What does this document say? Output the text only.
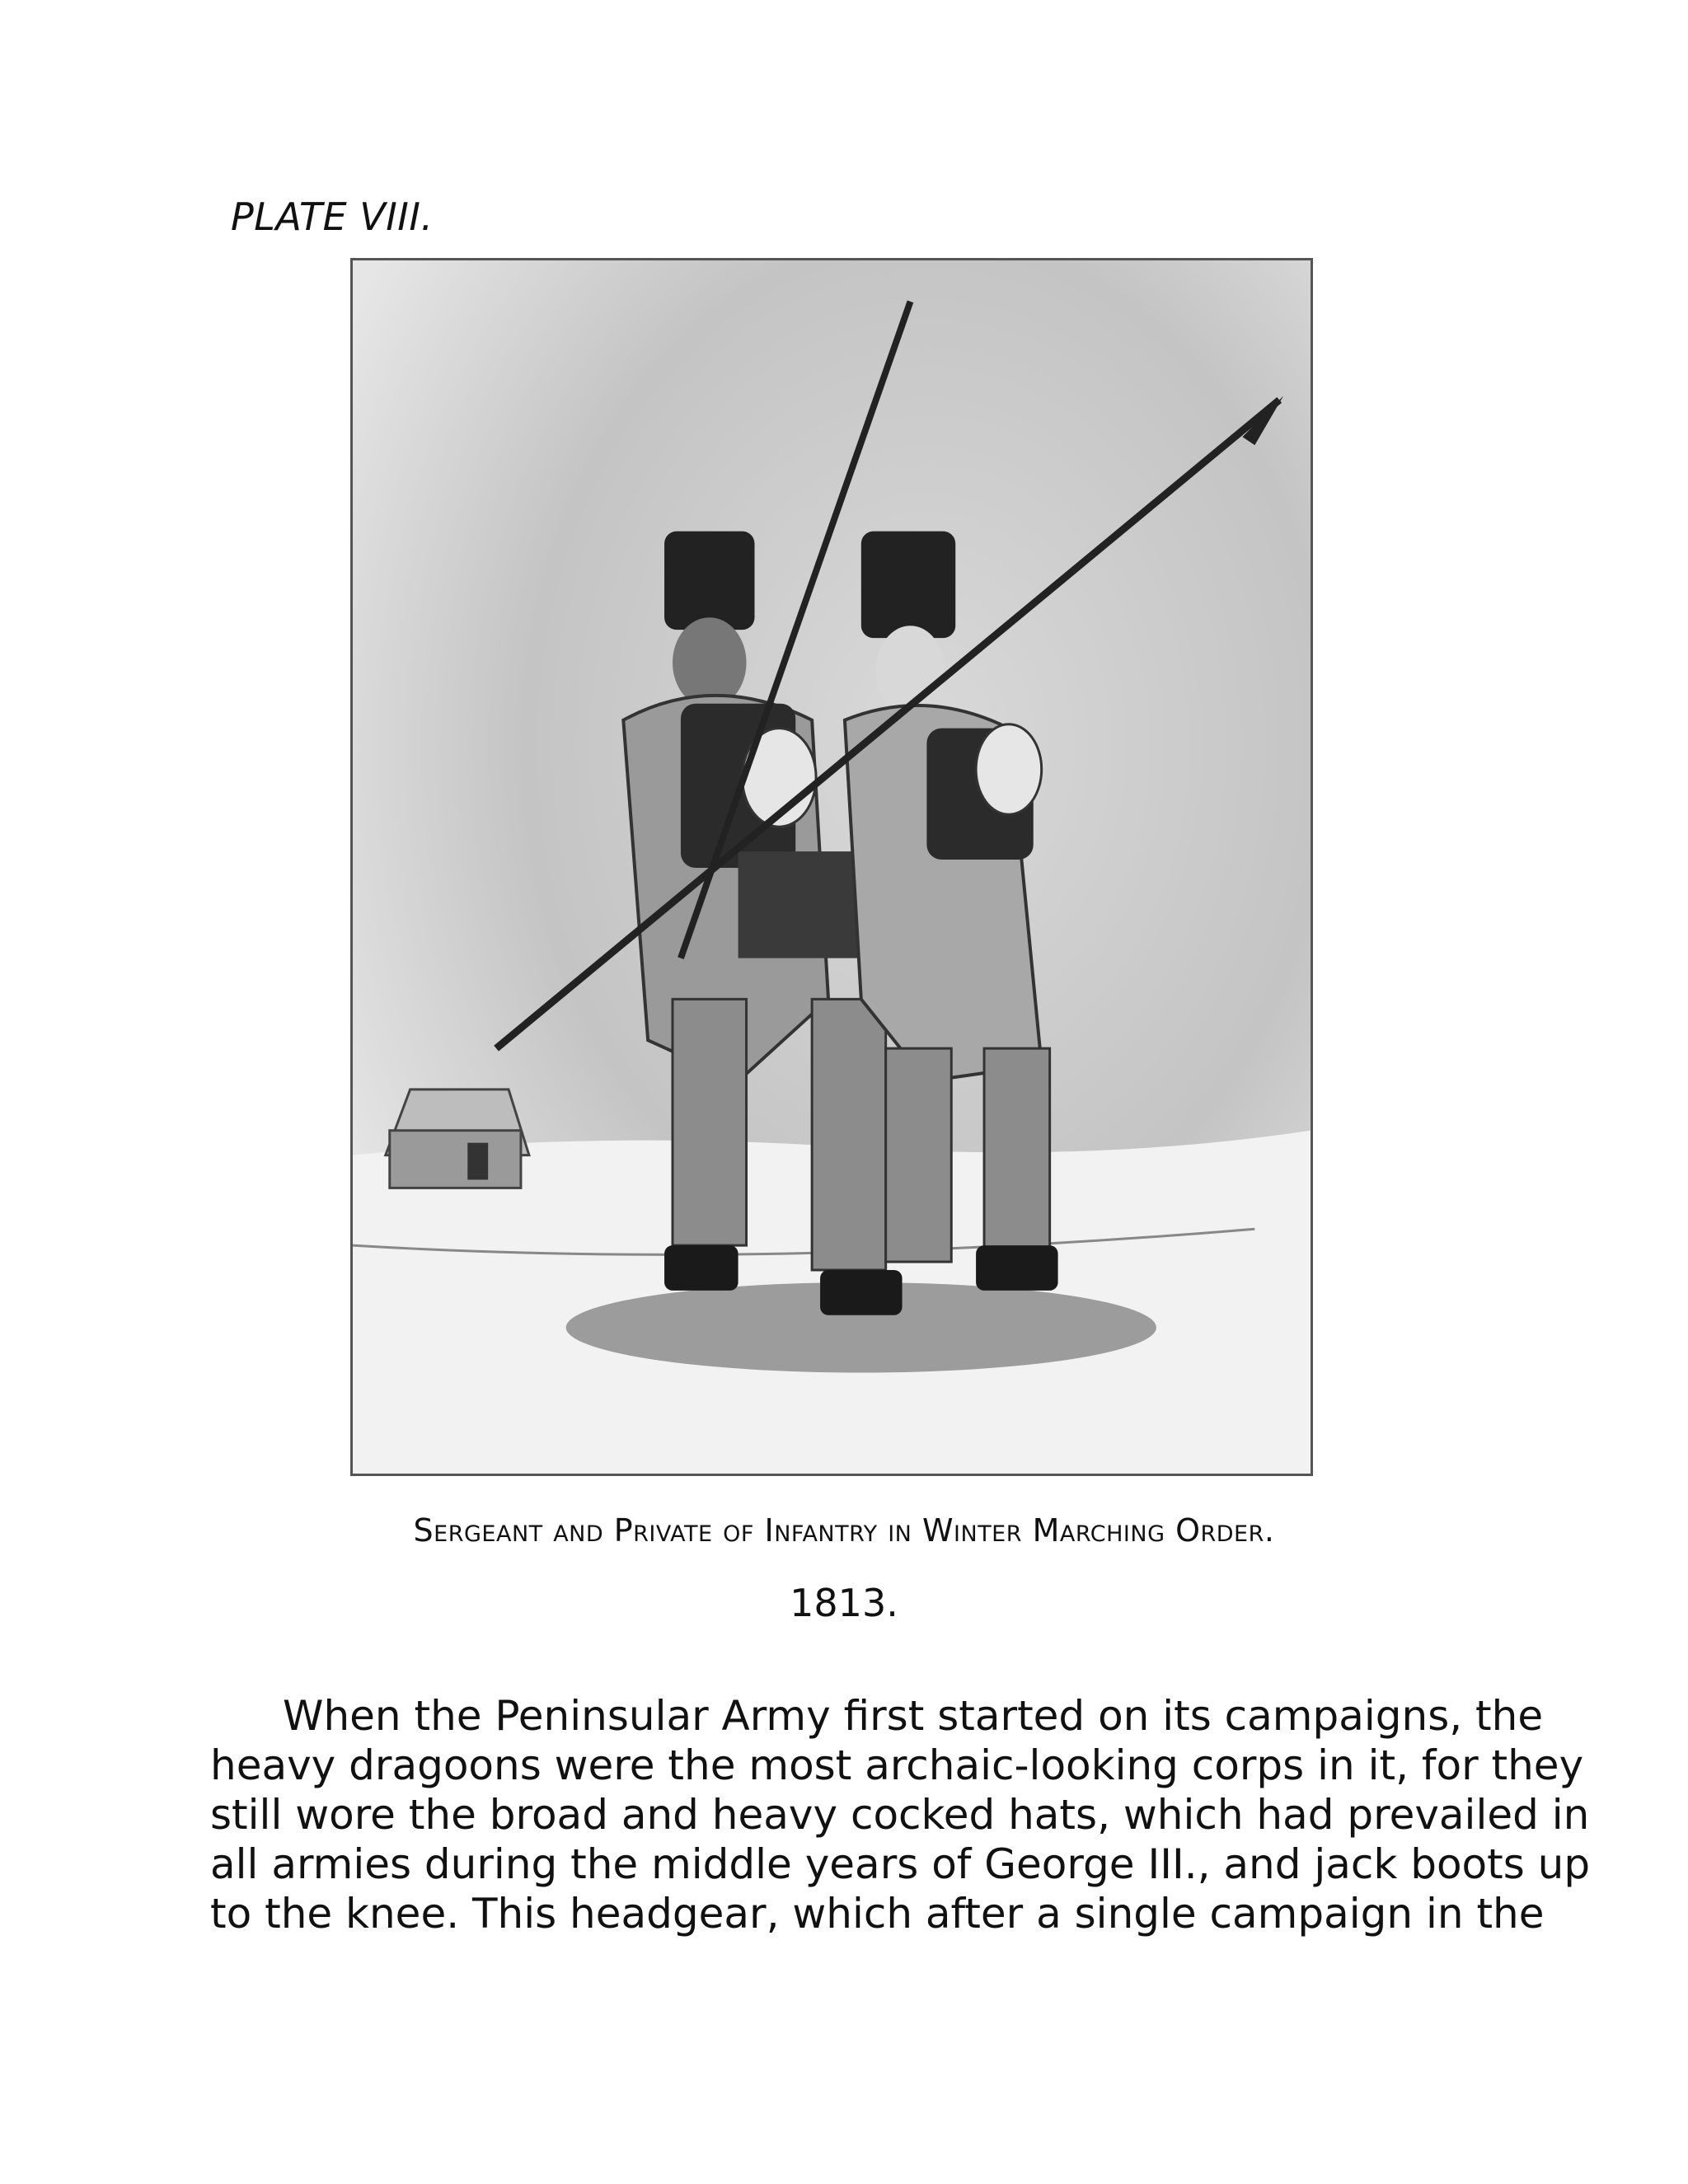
PLATE VIII.
Sergeant and Private of Infantry in Winter Marching Order.
1813.
When the Peninsular Army first started on its campaigns, the
heavy dragoons were the most archaic-looking corps in it, for they
still wore the broad and heavy cocked hats, which had prevailed in
all armies during the middle years of George III., and jack boots up
to the knee. This headgear, which after a single campaign in the
